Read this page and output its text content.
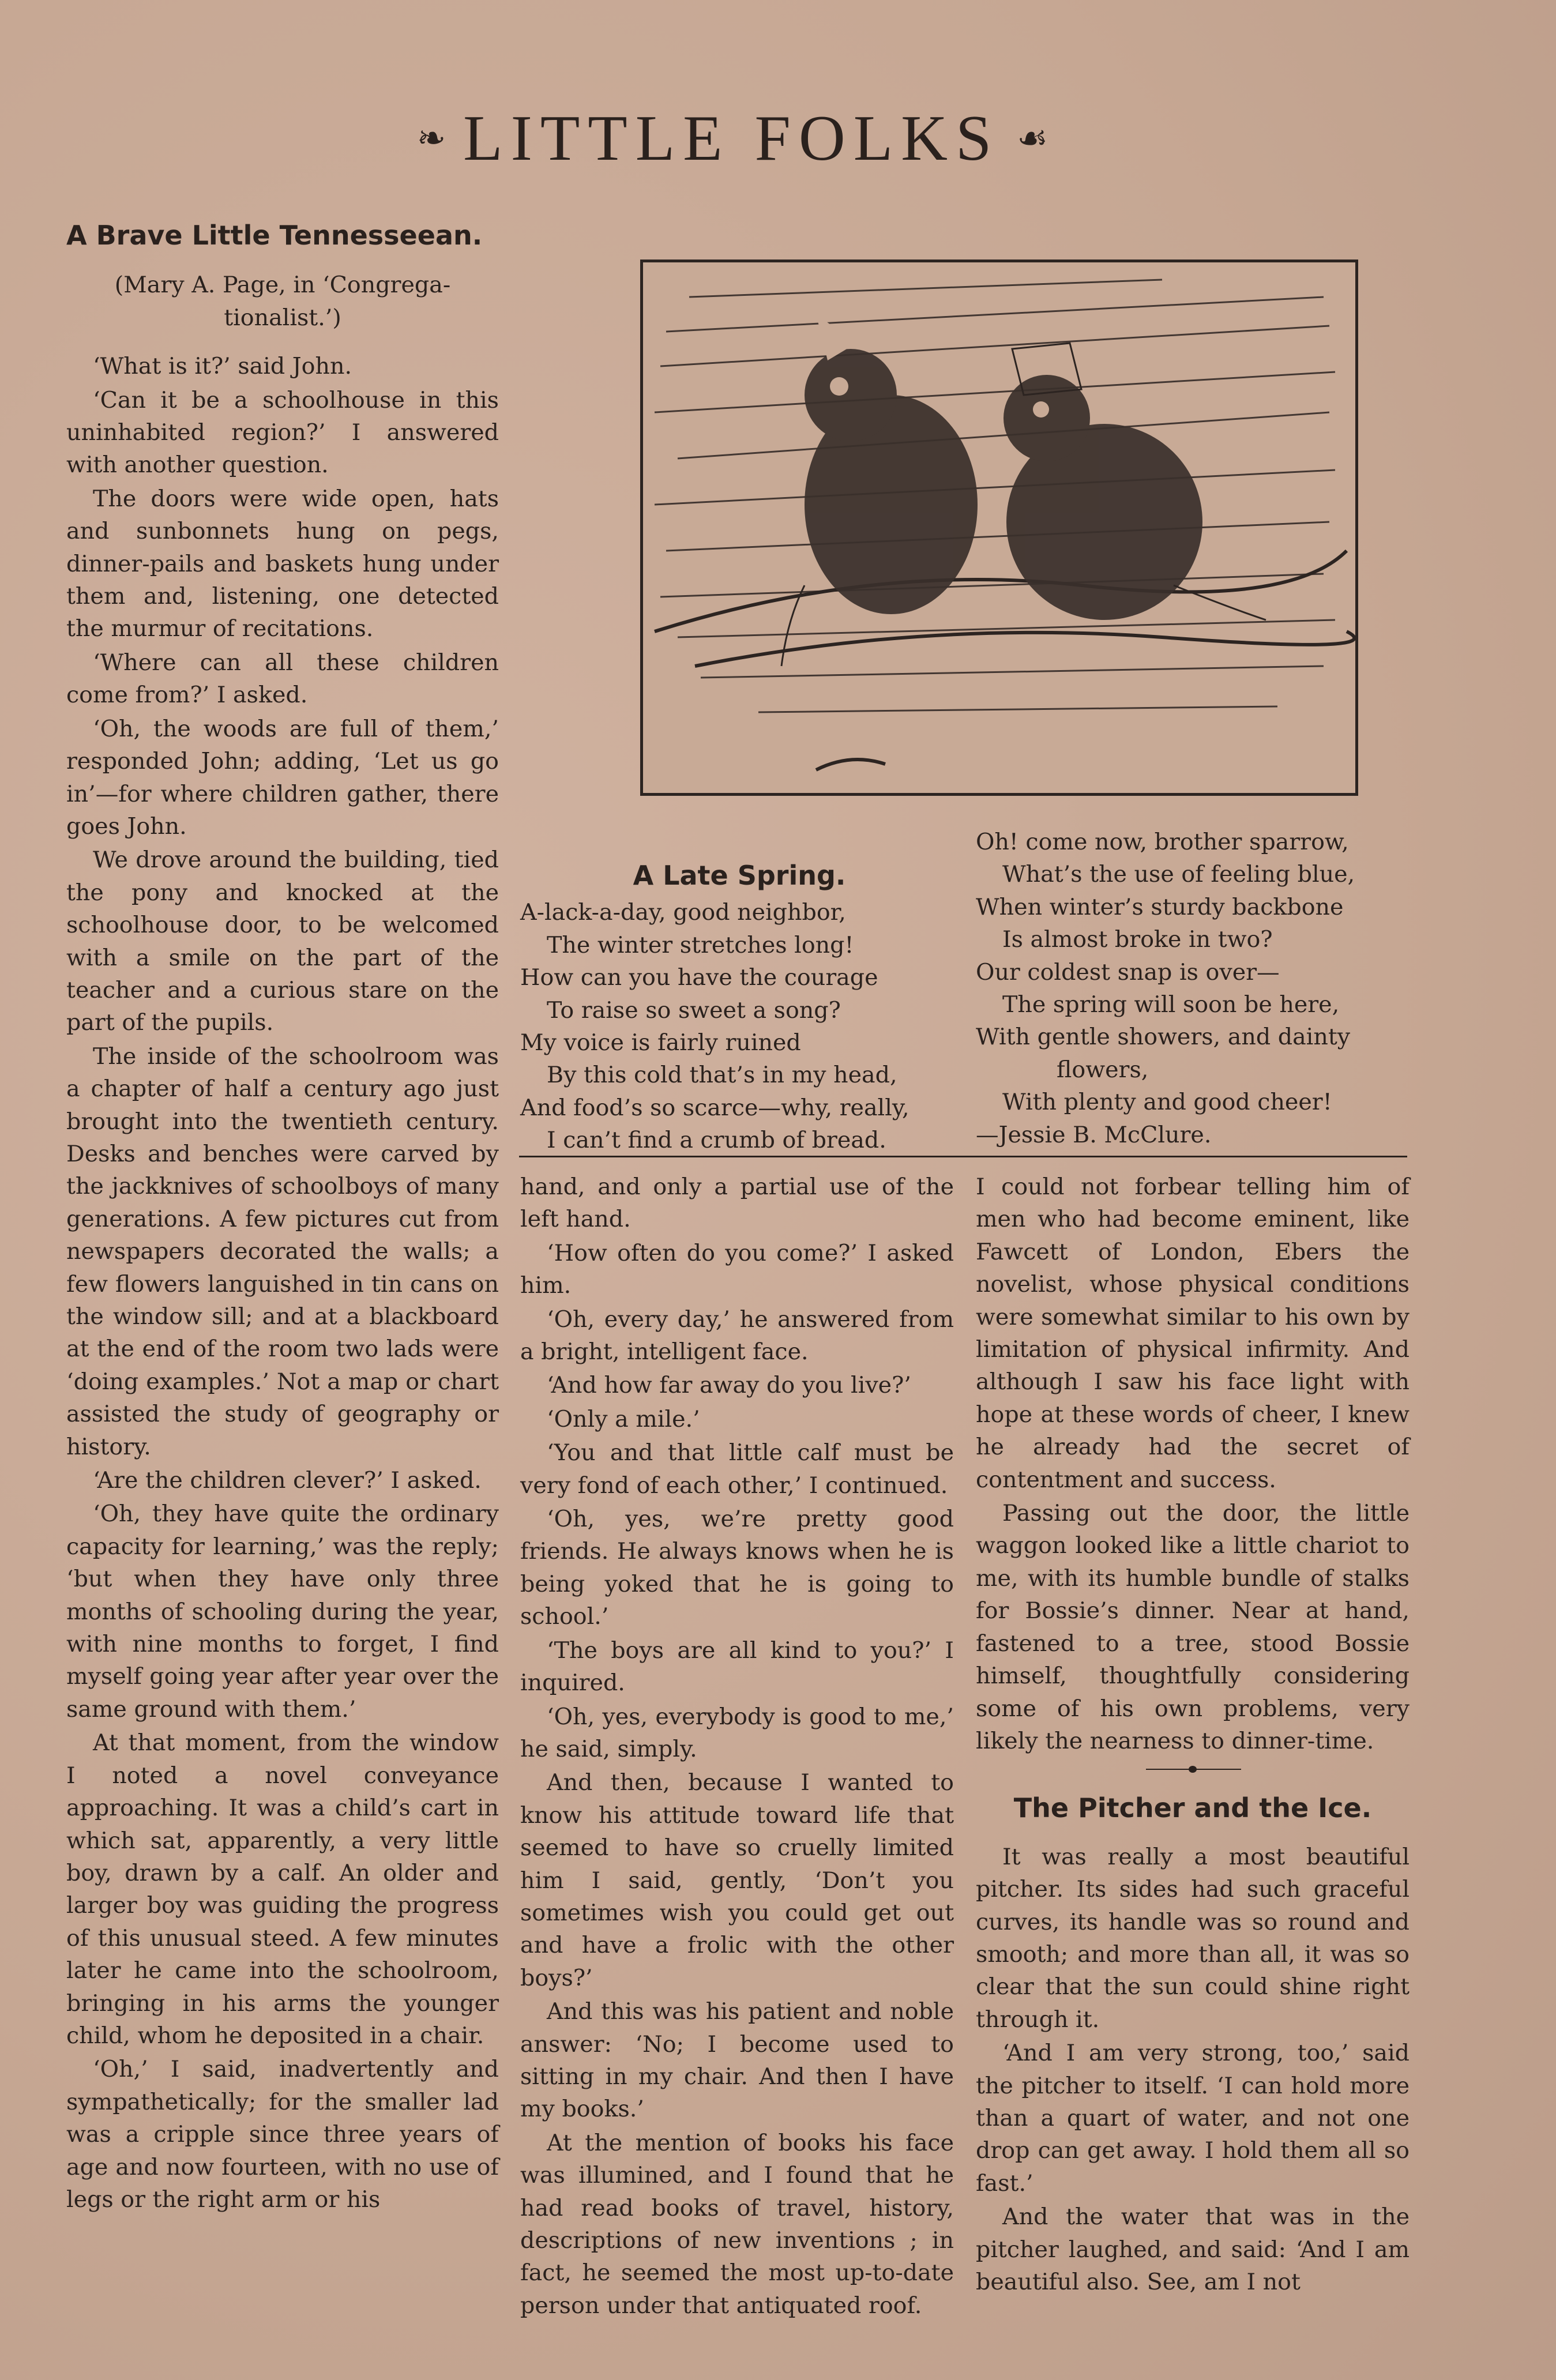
❧ LITTLE FOLKS ☙
A Brave Little Tennesseean.
(Mary A. Page, in ‘Congrega-
tionalist.’)

‘What is it?’ said John.

‘Can it be a schoolhouse in this uninhabited region?’ I answered with another question.

The doors were wide open, hats and sunbonnets hung on pegs, dinner-pails and baskets hung under them and, listening, one detected the murmur of recitations.

‘Where can all these children come from?’ I asked.

‘Oh, the woods are full of them,’ responded John; adding, ‘Let us go in’—for where children gather, there goes John.

We drove around the building, tied the pony and knocked at the schoolhouse door, to be welcomed with a smile on the part of the teacher and a curious stare on the part of the pupils.

The inside of the schoolroom was a chapter of half a century ago just brought into the twentieth century. Desks and benches were carved by the jackknives of schoolboys of many generations. A few pictures cut from newspapers decorated the walls; a few flowers languished in tin cans on the window sill; and at a blackboard at the end of the room two lads were ‘doing examples.’ Not a map or chart assisted the study of geography or history.

‘Are the children clever?’ I asked.

‘Oh, they have quite the ordinary capacity for learning,’ was the reply; ‘but when they have only three months of schooling during the year, with nine months to forget, I find myself going year after year over the same ground with them.’

At that moment, from the window I noted a novel conveyance approaching. It was a child’s cart in which sat, apparently, a very little boy, drawn by a calf. An older and larger boy was guiding the progress of this unusual steed. A few minutes later he came into the schoolroom, bringing in his arms the younger child, whom he deposited in a chair.

‘Oh,’ I said, inadvertently and sympathetically; for the smaller lad was a cripple since three years of age and now fourteen, with no use of legs or the right arm or his

A Late Spring.
A-lack-a-day, good neighbor,
The winter stretches long!
How can you have the courage
To raise so sweet a song?
My voice is fairly ruined
By this cold that’s in my head,
And food’s so scarce—why, really,
I can’t find a crumb of bread.
Oh! come now, brother sparrow,
What’s the use of feeling blue,
When winter’s sturdy backbone
Is almost broke in two?
Our coldest snap is over—
The spring will soon be here,
With gentle showers, and dainty
flowers,
With plenty and good cheer!
—Jessie B. McClure.

hand, and only a partial use of the left hand.

‘How often do you come?’ I asked him.

‘Oh, every day,’ he answered from a bright, intelligent face.

‘And how far away do you live?’

‘Only a mile.’

‘You and that little calf must be very fond of each other,’ I continued.

‘Oh, yes, we’re pretty good friends. He always knows when he is being yoked that he is going to school.’

‘The boys are all kind to you?’ I inquired.

‘Oh, yes, everybody is good to me,’ he said, simply.

And then, because I wanted to know his attitude toward life that seemed to have so cruelly limited him I said, gently, ‘Don’t you sometimes wish you could get out and have a frolic with the other boys?’

And this was his patient and noble answer: ‘No; I become used to sitting in my chair. And then I have my books.’

At the mention of books his face was illumined, and I found that he had read books of travel, history, descriptions of new inventions ; in fact, he seemed the most up-to-date person under that antiquated roof.

I could not forbear telling him of men who had become eminent, like Fawcett of London, Ebers the novelist, whose physical conditions were somewhat similar to his own by limitation of physical infirmity. And although I saw his face light with hope at these words of cheer, I knew he already had the secret of contentment and success.

Passing out the door, the little waggon looked like a little chariot to me, with its humble bundle of stalks for Bossie’s dinner. Near at hand, fastened to a tree, stood Bossie himself, thoughtfully considering some of his own problems, very likely the nearness to dinner-time.

The Pitcher and the Ice.

It was really a most beautiful pitcher. Its sides had such graceful curves, its handle was so round and smooth; and more than all, it was so clear that the sun could shine right through it.

‘And I am very strong, too,’ said the pitcher to itself. ‘I can hold more than a quart of water, and not one drop can get away. I hold them all so fast.’

And the water that was in the pitcher laughed, and said: ‘And I am beautiful also. See, am I not
